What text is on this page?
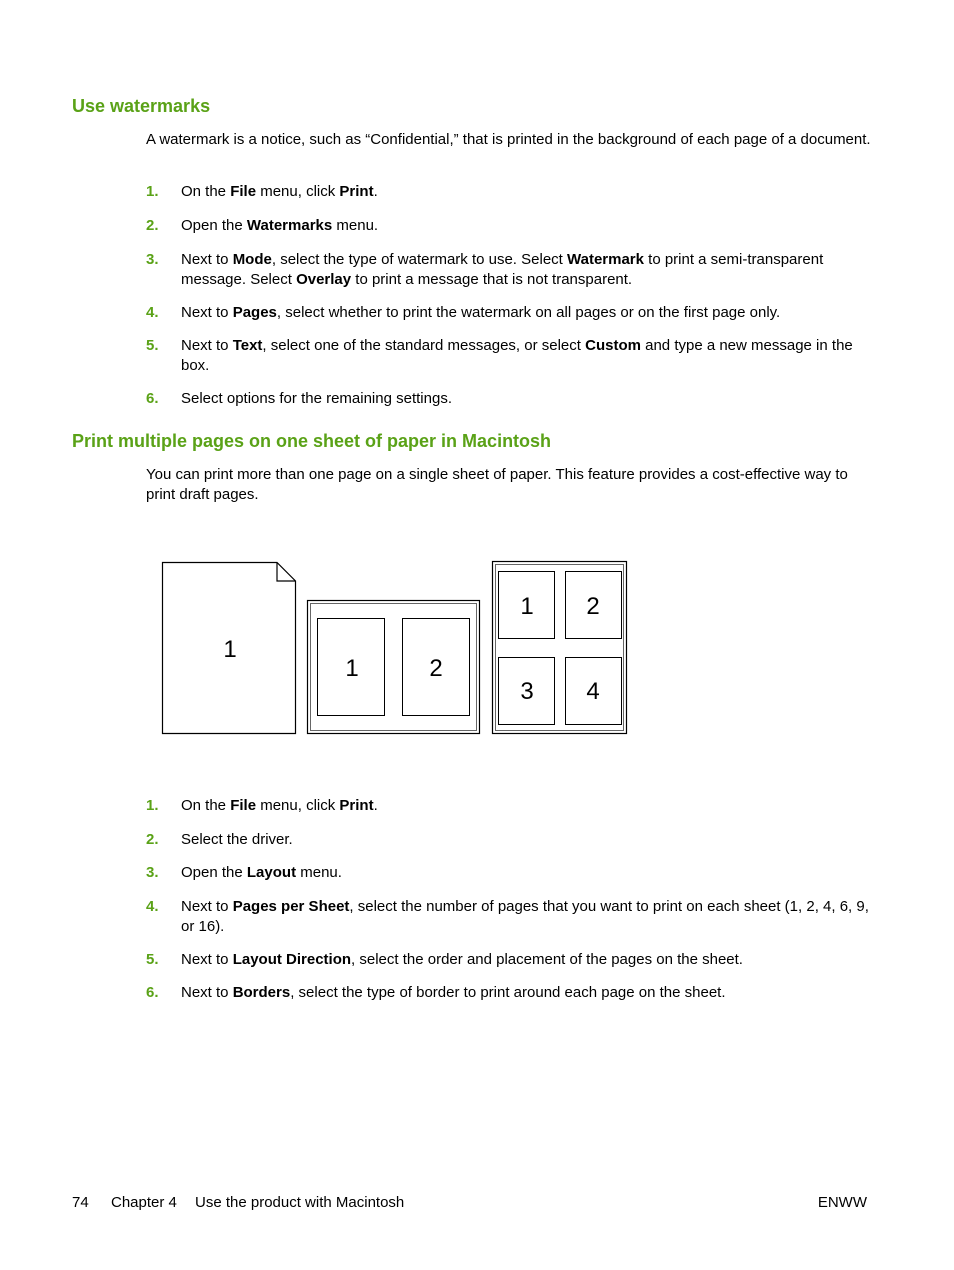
Use watermarks

A watermark is a notice, such as “Confidential,” that is printed in the background of each page of a document.

1. On the File menu, click Print.
2. Open the Watermarks menu.
3. Next to Mode, select the type of watermark to use. Select Watermark to print a semi-transparent message. Select Overlay to print a message that is not transparent.
4. Next to Pages, select whether to print the watermark on all pages or on the first page only.
5. Next to Text, select one of the standard messages, or select Custom and type a new message in the box.
6. Select options for the remaining settings.
Print multiple pages on one sheet of paper in Macintosh

You can print more than one page on a single sheet of paper. This feature provides a cost-effective way to print draft pages.

1
1	2
1 2
3 4
1. On the File menu, click Print.
2. Select the driver.
3. Open the Layout menu.
4. Next to Pages per Sheet, select the number of pages that you want to print on each sheet (1, 2, 4, 6, 9, or 16).
5. Next to Layout Direction, select the order and placement of the pages on the sheet.
6. Next to Borders, select the type of border to print around each page on the sheet.
74 Chapter 4 Use the product with Macintosh	ENWW
